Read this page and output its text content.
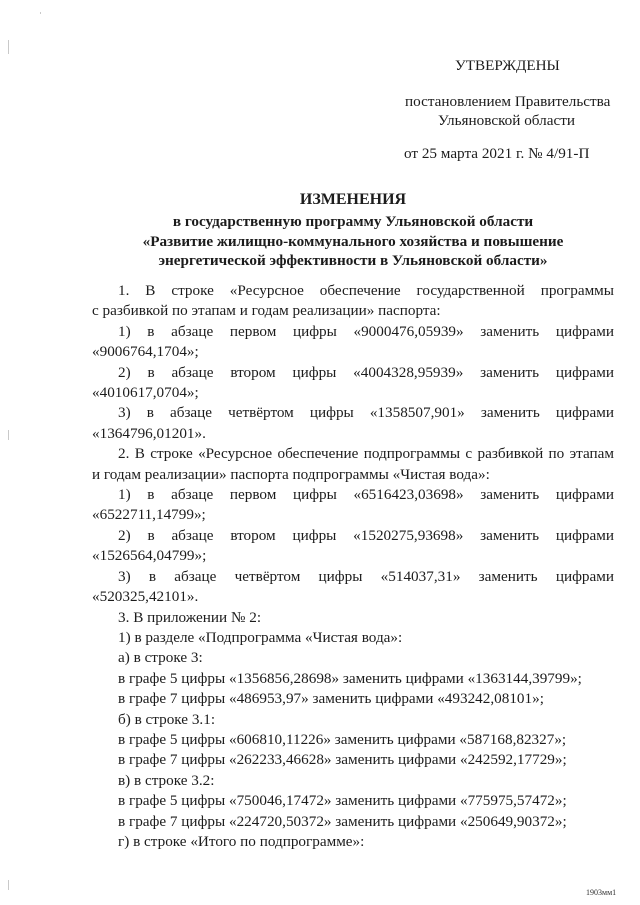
УТВЕРЖДЕНЫ
постановлением Правительства
Ульяновской области
от 25 марта 2021 г. № 4/91-П
ИЗМЕНЕНИЯ
в государственную программу Ульяновской области
«Развитие жилищно-коммунального хозяйства и повышение
энергетической эффективности в Ульяновской области»
1. В строке «Ресурсное обеспечение государственной программы
с разбивкой по этапам и годам реализации» паспорта:
1) в абзаце первом цифры «9000476,05939» заменить цифрами
«9006764,1704»;
2) в абзаце втором цифры «4004328,95939» заменить цифрами
«4010617,0704»;
3) в абзаце четвёртом цифры «1358507,901» заменить цифрами
«1364796,01201».
2. В строке «Ресурсное обеспечение подпрограммы с разбивкой по этапам
и годам реализации» паспорта подпрограммы «Чистая вода»:
1) в абзаце первом цифры «6516423,03698» заменить цифрами
«6522711,14799»;
2) в абзаце втором цифры «1520275,93698» заменить цифрами
«1526564,04799»;
3) в абзаце четвёртом цифры «514037,31» заменить цифрами
«520325,42101».
3. В приложении № 2:
1) в разделе «Подпрограмма «Чистая вода»:
а) в строке 3:
в графе 5 цифры «1356856,28698» заменить цифрами «1363144,39799»;
в графе 7 цифры «486953,97» заменить цифрами «493242,08101»;
б) в строке 3.1:
в графе 5 цифры «606810,11226» заменить цифрами «587168,82327»;
в графе 7 цифры «262233,46628» заменить цифрами «242592,17729»;
в) в строке 3.2:
в графе 5 цифры «750046,17472» заменить цифрами «775975,57472»;
в графе 7 цифры «224720,50372» заменить цифрами «250649,90372»;
г) в строке «Итого по подпрограмме»:
1903мм1
